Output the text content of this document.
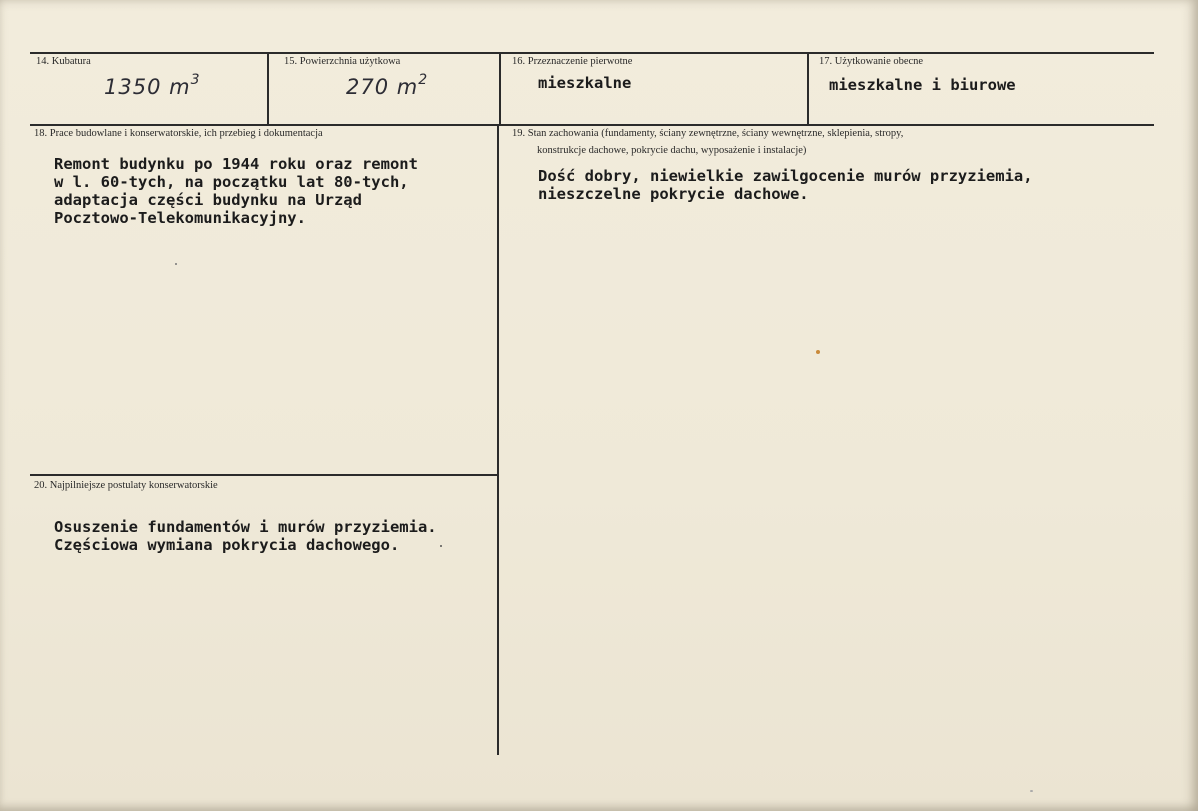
14. Kubatura
1350 $m^3$
15. Powierzchnia użytkowa
270 $m^2$
16. Przeznaczenie pierwotne
mieszkalne
17. Użytkowanie obecne
mieszkalne i biurowe
18. Prace budowlane i konserwatorskie, ich przebieg i dokumentacja
Remont budynku po 1944 roku oraz remont
w l. 60-tych, na początku lat 80-tych,
adaptacja części budynku na Urząd
Pocztowo-Telekomunikacyjny.
19. Stan zachowania (fundamenty, ściany zewnętrzne, ściany wewnętrzne, sklepienia, stropy,
konstrukcje dachowe, pokrycie dachu, wyposażenie i instalacje)
Dość dobry, niewielkie zawilgocenie murów przyziemia,
nieszczelne pokrycie dachowe.
20. Najpilniejsze postulaty konserwatorskie
Osuszenie fundamentów i murów przyziemia.
Częściowa wymiana pokrycia dachowego.
